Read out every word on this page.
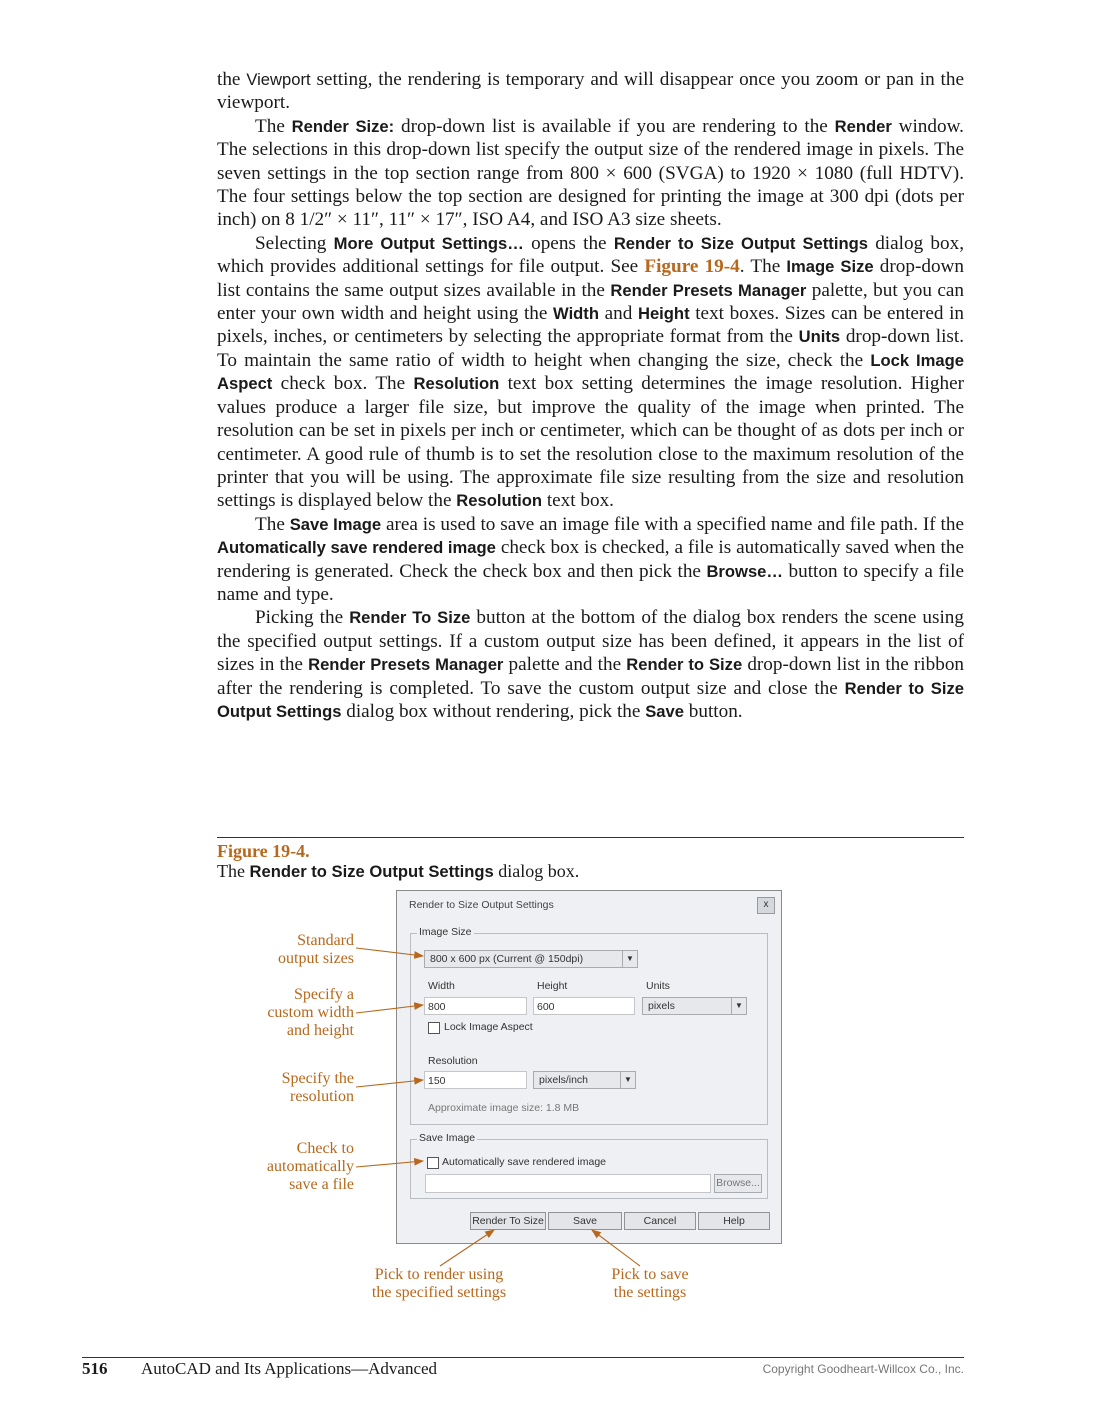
the Viewport setting, the rendering is temporary and will disappear once you zoom or pan in the viewport.

The Render Size: drop-down list is available if you are rendering to the Render window. The selections in this drop-down list specify the output size of the rendered image in pixels. The seven settings in the top section range from 800 × 600 (SVGA) to 1920 × 1080 (full HDTV). The four settings below the top section are designed for printing the image at 300 dpi (dots per inch) on 8 1/2″ × 11″, 11″ × 17″, ISO A4, and ISO A3 size sheets.

Selecting More Output Settings… opens the Render to Size Output Settings dialog box, which provides additional settings for file output. See Figure 19-4. The Image Size drop-down list contains the same output sizes available in the Render Presets Manager palette, but you can enter your own width and height using the Width and Height text boxes. Sizes can be entered in pixels, inches, or centimeters by selecting the appropriate format from the Units drop-down list. To maintain the same ratio of width to height when changing the size, check the Lock Image Aspect check box. The Resolution text box setting determines the image resolution. Higher values produce a larger file size, but improve the quality of the image when printed. The resolution can be set in pixels per inch or centimeter, which can be thought of as dots per inch or centimeter. A good rule of thumb is to set the resolution close to the maximum resolution of the printer that you will be using. The approximate file size resulting from the size and resolution settings is displayed below the Resolution text box.

The Save Image area is used to save an image file with a specified name and file path. If the Automatically save rendered image check box is checked, a file is automatically saved when the rendering is generated. Check the check box and then pick the Browse… button to specify a file name and type.

Picking the Render To Size button at the bottom of the dialog box renders the scene using the specified output settings. If a custom output size has been defined, it appears in the list of sizes in the Render Presets Manager palette and the Render to Size drop-down list in the ribbon after the rendering is completed. To save the custom output size and close the Render to Size Output Settings dialog box without rendering, pick the Save button.

Figure 19-4.
The Render to Size Output Settings dialog box.
Render to Size Output Settings	x
Image Size
800 x 600 px (Current @ 150dpi)	▼
Width	Height	Units
800	600	pixels	▼
Lock Image Aspect
Resolution
150	pixels/inch	▼
Approximate image size: 1.8 MB
Save Image
Automatically save rendered image
Browse...
Render To Size	Save	Cancel	Help
Standard
output sizes
Specify a
custom width
and height
Specify the
resolution
Check to
automatically
save a file
Pick to render using
the specified settings
Pick to save
the settings
516 AutoCAD and Its Applications—Advanced	Copyright Goodheart-Willcox Co., Inc.
